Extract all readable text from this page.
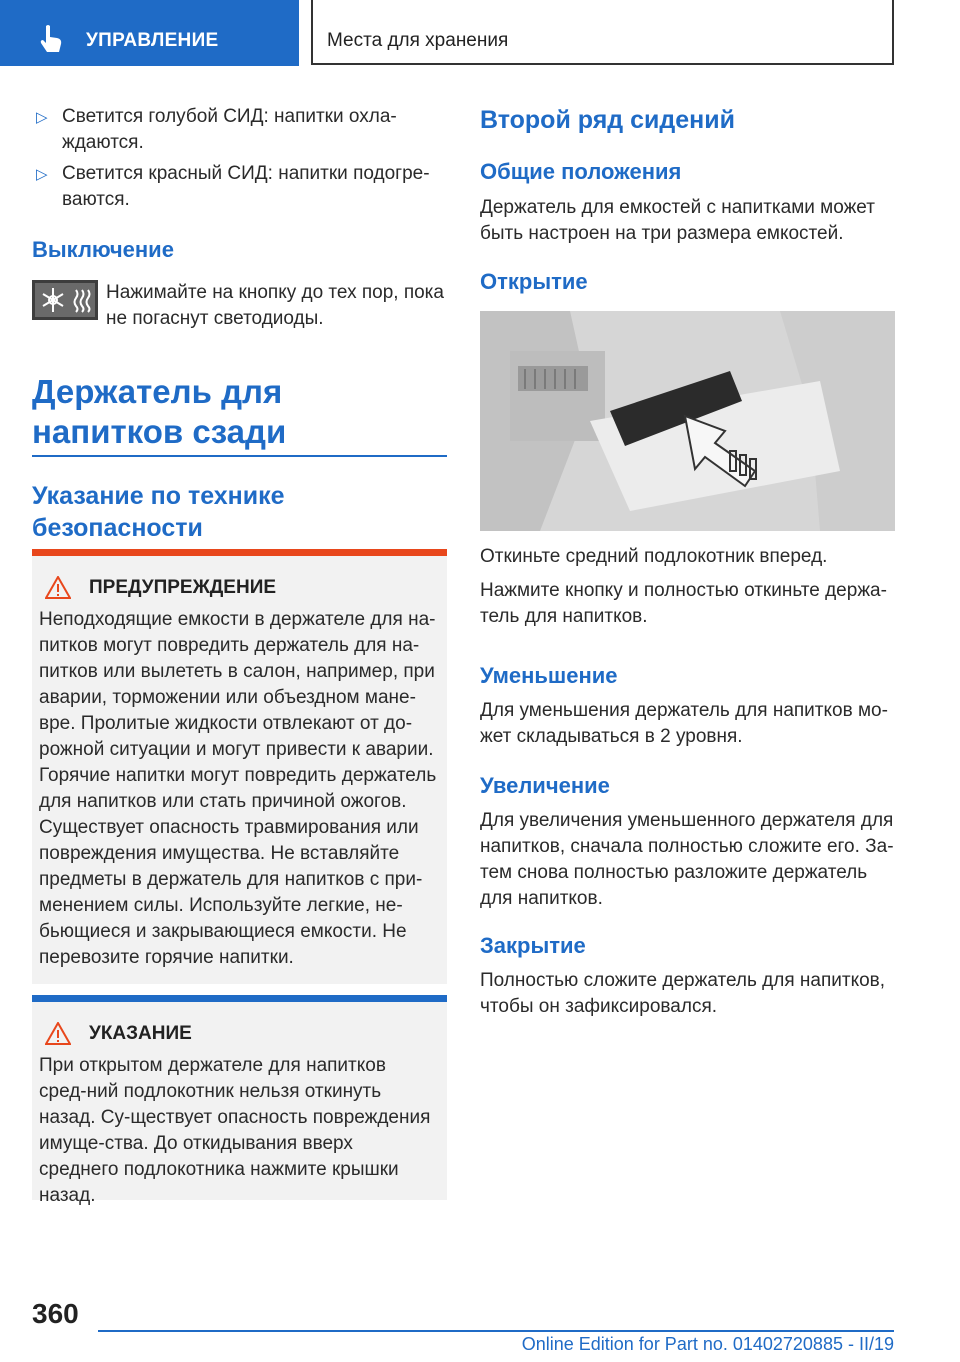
УПРАВЛЕНИЕ	Места для хранения
▷ Светится голубой СИД: напитки охла-ждаются.

▷ Светится красный СИД: напитки подогре-ваются.

Выключение

Нажимайте на кнопку до тех пор, пока не погаснут светодиоды.

Держатель для напитков сзади
Указание по технике безопасности
ПРЕДУПРЕЖДЕНИЕ
Неподходящие емкости в держателе для на-питков могут повредить держатель для на-питков или вылететь в салон, например, при аварии, торможении или объездном мане-вре. Пролитые жидкости отвлекают от до-рожной ситуации и могут привести к аварии. Горячие напитки могут повредить держатель для напитков или стать причиной ожогов. Существует опасность травмирования или повреждения имущества. Не вставляйте предметы в держатель для напитков с при-менением силы. Используйте легкие, не-бьющиеся и закрывающиеся емкости. Не перевозите горячие напитки.
УКАЗАНИЕ
При открытом держателе для напитков сред-ний подлокотник нельзя откинуть назад. Су-ществует опасность повреждения имуще-ства. До откидывания вверх среднего подлокотника нажмите крышки назад.
Второй ряд сидений
Общие положения

Держатель для емкостей с напитками может быть настроен на три размера емкостей.

Открытие

Откиньте средний подлокотник вперед.

Нажмите кнопку и полностью откиньте держа-тель для напитков.

Уменьшение

Для уменьшения держатель для напитков мо-жет складываться в 2 уровня.

Увеличение

Для увеличения уменьшенного держателя для напитков, сначала полностью сложите его. За-тем снова полностью разложите держатель для напитков.

Закрытие

Полностью сложите держатель для напитков, чтобы он зафиксировался.

360
Online Edition for Part no. 01402720885 - II/19
